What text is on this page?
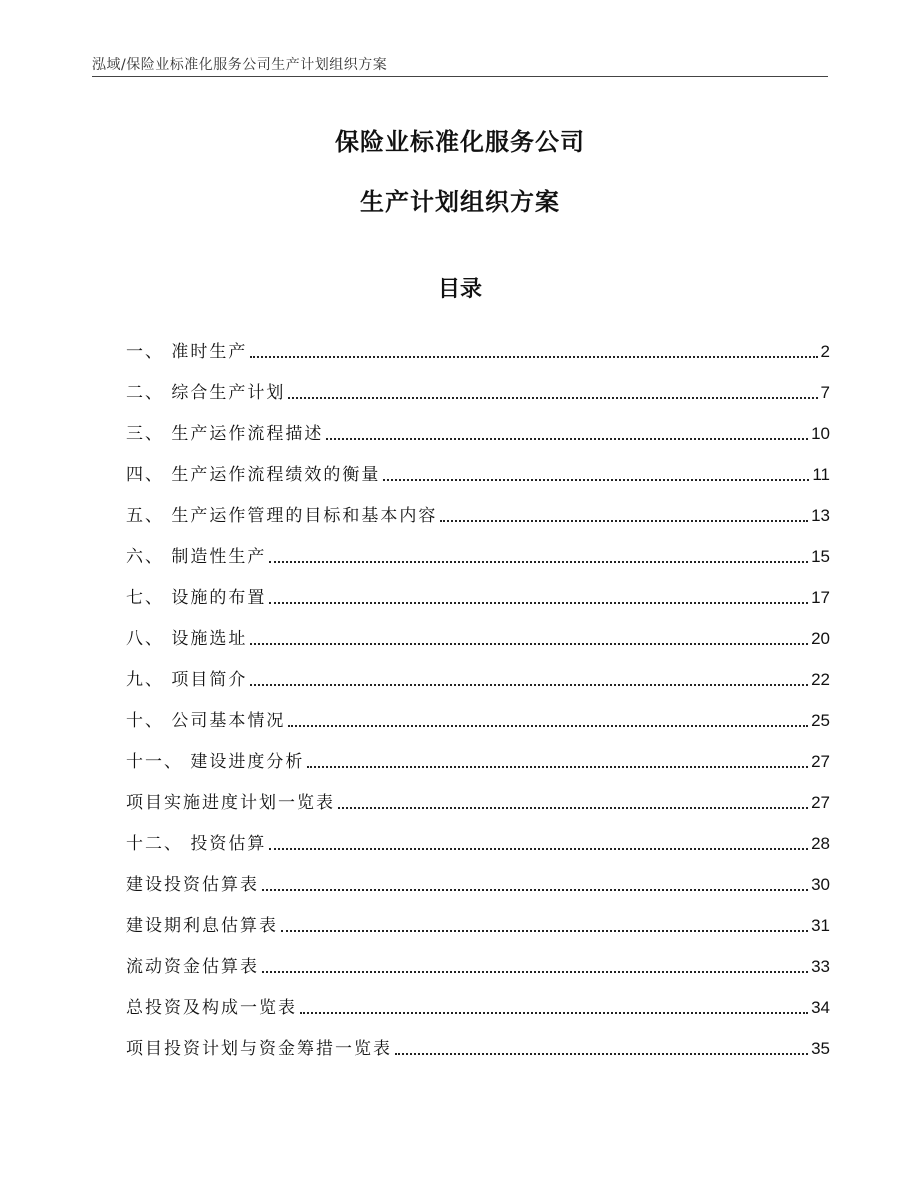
泓域/保险业标准化服务公司生产计划组织方案
保险业标准化服务公司
生产计划组织方案
目录
一、 准时生产	2
二、 综合生产计划	7
三、 生产运作流程描述	10
四、 生产运作流程绩效的衡量	11
五、 生产运作管理的目标和基本内容	13
六、 制造性生产	15
七、 设施的布置	17
八、 设施选址	20
九、 项目简介	22
十、 公司基本情况	25
十一、 建设进度分析	27
项目实施进度计划一览表	27
十二、 投资估算	28
建设投资估算表	30
建设期利息估算表	31
流动资金估算表	33
总投资及构成一览表	34
项目投资计划与资金筹措一览表	35
